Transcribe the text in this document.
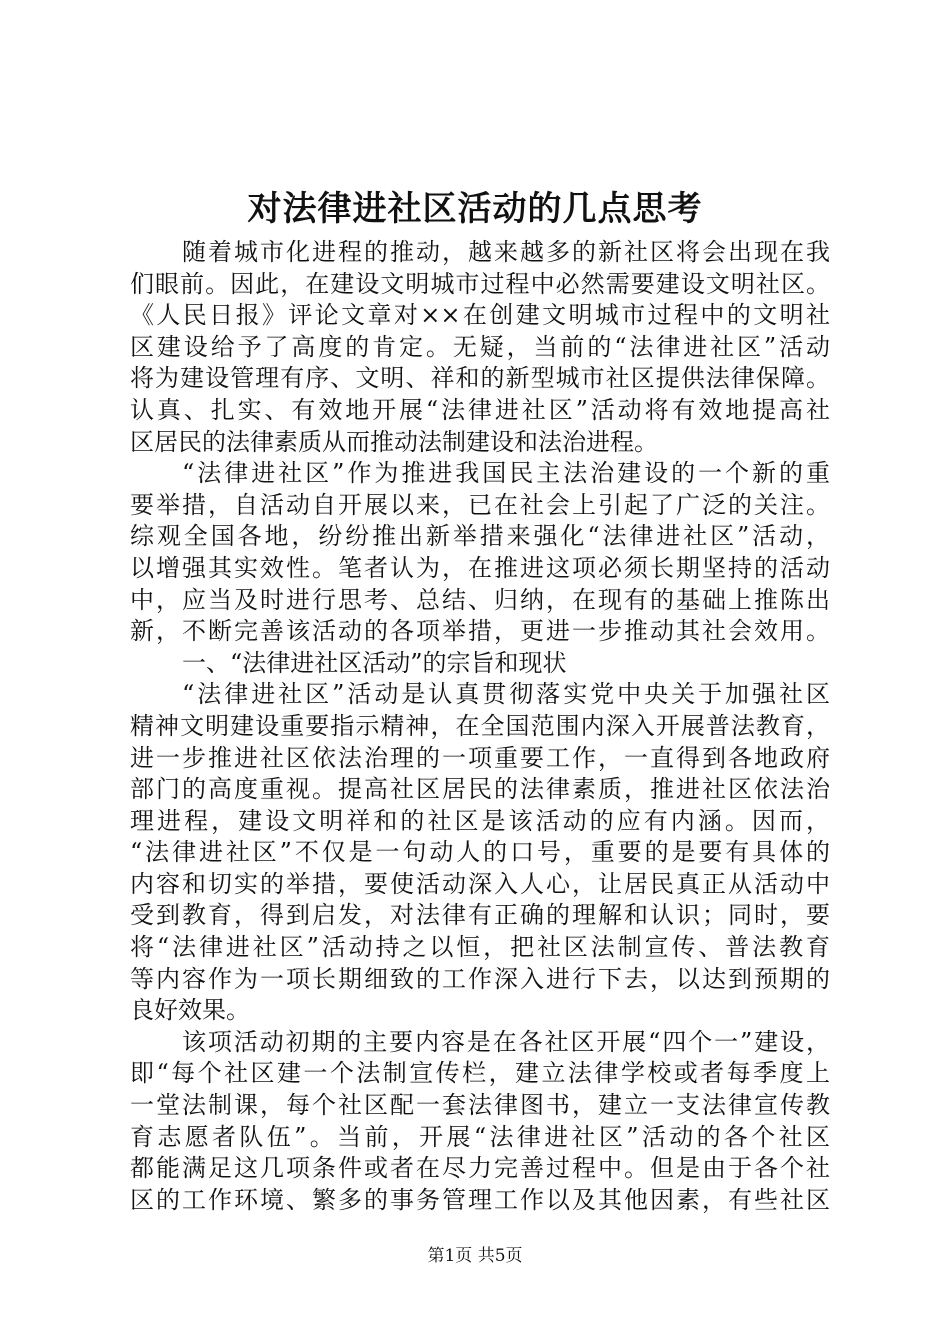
对法律进社区活动的几点思考
随着城市化进程的推动，越来越多的新社区将会出现在我
们眼前。因此，在建设文明城市过程中必然需要建设文明社区。
《人民日报》评论文章对××在创建文明城市过程中的文明社
区建设给予了高度的肯定。无疑，当前的“法律进社区”活动
将为建设管理有序、文明、祥和的新型城市社区提供法律保障。
认真、扎实、有效地开展“法律进社区”活动将有效地提高社
区居民的法律素质从而推动法制建设和法治进程。
“法律进社区”作为推进我国民主法治建设的一个新的重
要举措，自活动自开展以来，已在社会上引起了广泛的关注。
综观全国各地，纷纷推出新举措来强化“法律进社区”活动，
以增强其实效性。笔者认为，在推进这项必须长期坚持的活动
中，应当及时进行思考、总结、归纳，在现有的基础上推陈出
新，不断完善该活动的各项举措，更进一步推动其社会效用。
一、“法律进社区活动”的宗旨和现状
“法律进社区”活动是认真贯彻落实党中央关于加强社区
精神文明建设重要指示精神，在全国范围内深入开展普法教育，
进一步推进社区依法治理的一项重要工作，一直得到各地政府
部门的高度重视。提高社区居民的法律素质，推进社区依法治
理进程，建设文明祥和的社区是该活动的应有内涵。因而，
“法律进社区”不仅是一句动人的口号，重要的是要有具体的
内容和切实的举措，要使活动深入人心，让居民真正从活动中
受到教育，得到启发，对法律有正确的理解和认识；同时，要
将“法律进社区”活动持之以恒，把社区法制宣传、普法教育
等内容作为一项长期细致的工作深入进行下去，以达到预期的
良好效果。
该项活动初期的主要内容是在各社区开展“四个一”建设，
即“每个社区建一个法制宣传栏，建立法律学校或者每季度上
一堂法制课，每个社区配一套法律图书，建立一支法律宣传教
育志愿者队伍”。当前，开展“法律进社区”活动的各个社区
都能满足这几项条件或者在尽力完善过程中。但是由于各个社
区的工作环境、繁多的事务管理工作以及其他因素，有些社区
第1页 共5页
